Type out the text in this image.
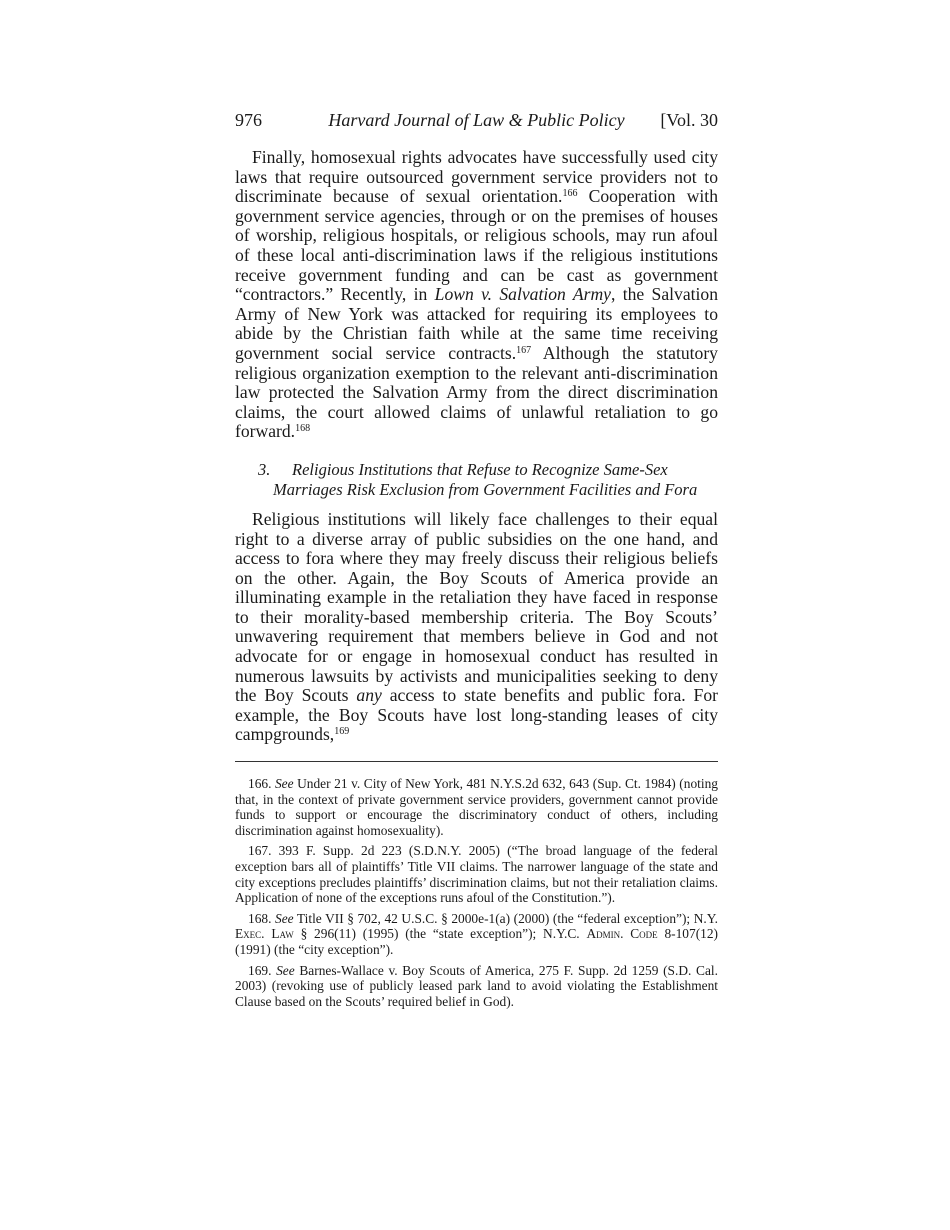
976	Harvard Journal of Law & Public Policy	[Vol. 30

Finally, homosexual rights advocates have successfully used city laws that require outsourced government service providers not to discriminate because of sexual orientation.$^{166}$ Cooperation with government service agencies, through or on the premises of houses of worship, religious hospitals, or religious schools, may run afoul of these local anti-discrimination laws if the religious institutions receive government funding and can be cast as government “contractors.” Recently, in Lown v. Salvation Army, the Salvation Army of New York was attacked for requiring its employees to abide by the Christian faith while at the same time receiving government social service contracts.$^{167}$ Although the statutory religious organization exemption to the relevant anti-discrimination law protected the Salvation Army from the direct discrimination claims, the court allowed claims of unlawful retaliation to go forward.$^{168}$

3. Religious Institutions that Refuse to Recognize Same-Sex Marriages Risk Exclusion from Government Facilities and Fora

Religious institutions will likely face challenges to their equal right to a diverse array of public subsidies on the one hand, and access to fora where they may freely discuss their religious beliefs on the other. Again, the Boy Scouts of America provide an illuminating example in the retaliation they have faced in response to their morality-based membership criteria. The Boy Scouts’ unwavering requirement that members believe in God and not advocate for or engage in homosexual conduct has resulted in numerous lawsuits by activists and municipalities seeking to deny the Boy Scouts any access to state benefits and public fora. For example, the Boy Scouts have lost long-standing leases of city campgrounds,$^{169}$

166. See Under 21 v. City of New York, 481 N.Y.S.2d 632, 643 (Sup. Ct. 1984) (noting that, in the context of private government service providers, government cannot provide funds to support or encourage the discriminatory conduct of others, including discrimination against homosexuality).

167. 393 F. Supp. 2d 223 (S.D.N.Y. 2005) (“The broad language of the federal exception bars all of plaintiffs’ Title VII claims. The narrower language of the state and city exceptions precludes plaintiffs’ discrimination claims, but not their retaliation claims. Application of none of the exceptions runs afoul of the Constitution.”).

168. See Title VII § 702, 42 U.S.C. § 2000e-1(a) (2000) (the “federal exception”); N.Y. Exec. Law § 296(11) (1995) (the “state exception”); N.Y.C. Admin. Code 8-107(12) (1991) (the “city exception”).

169. See Barnes-Wallace v. Boy Scouts of America, 275 F. Supp. 2d 1259 (S.D. Cal. 2003) (revoking use of publicly leased park land to avoid violating the Establishment Clause based on the Scouts’ required belief in God).
